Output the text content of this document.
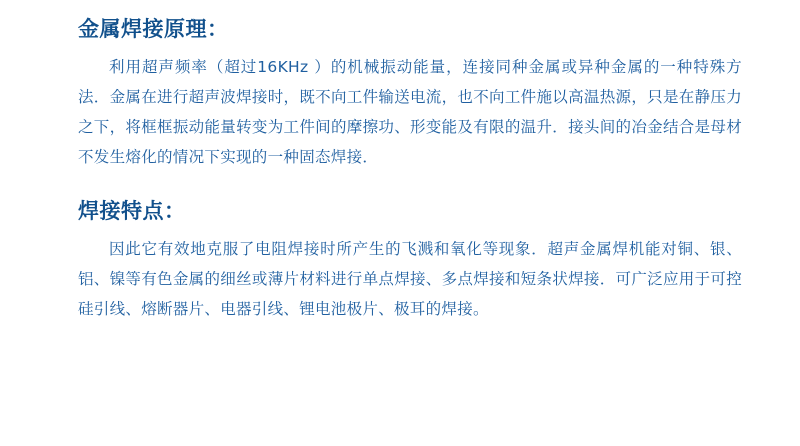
金属焊接原理：

利用超声频率（超过16KHz ）的机械振动能量，连接同种金属或异种金属的一种特殊方法．金属在进行超声波焊接时，既不向工件输送电流，也不向工件施以高温热源，只是在静压力之下，将框框振动能量转变为工件间的摩擦功、形变能及有限的温升．接头间的冶金结合是母材不发生熔化的情况下实现的一种固态焊接．

焊接特点：

因此它有效地克服了电阻焊接时所产生的飞溅和氧化等现象．超声金属焊机能对铜、银、铝、镍等有色金属的细丝或薄片材料进行单点焊接、多点焊接和短条状焊接．可广泛应用于可控硅引线、熔断器片、电器引线、锂电池极片、极耳的焊接。
